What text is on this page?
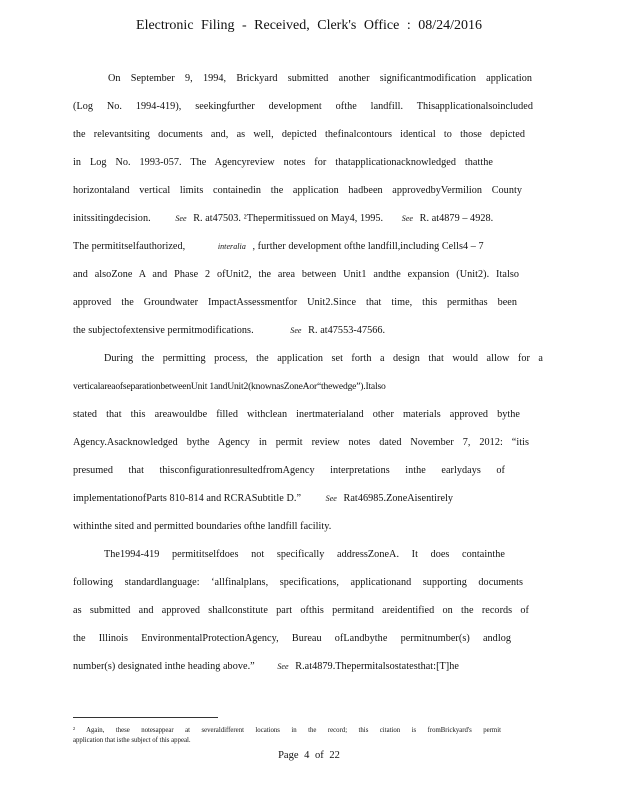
Electronic Filing - Received, Clerk's Office : 08/24/2016
On September 9, 1994, Brickyard submitted another significantmodification application
(Log No. 1994-419), seekingfurther development ofthe landfill. Thisapplicationalsoincluded
the relevantsiting documents and, as well, depicted thefinalcontours identical to those depicted
in Log No. 1993-057. The Agencyreview notes for thatapplicationacknowledged thatthe
horizontaland vertical limits containedin the application hadbeen approvedbyVermilion County
initssitingdecision.	See R. at47503. ²Thepermitissued on May4, 1995. See R. at4879 – 4928.
The permititselfauthorized,	interalia , further development ofthe landfill,including Cells4 – 7
and alsoZone A and Phase 2 ofUnit2, the area between Unit1 andthe expansion (Unit2). Italso
approved the Groundwater ImpactAssessmentfor Unit2.Since that time, this permithas been
the subjectofextensive permitmodifications.	See R. at47553-47566.
During the permitting process, the application set forth a design that would allow for a
verticalareaofseparationbetweenUnit 1andUnit2(knownasZoneAor“thewedge”).Italso
stated that this areawouldbe filled withclean inertmaterialand other materials approved bythe
Agency.Asacknowledged bythe Agency in permit review notes dated November 7, 2012: “itis
presumed that thisconfigurationresultedfromAgency interpretations inthe earlydays of
implementationofParts 810-814 and RCRASubtitle D.”	See Rat46985.ZoneAisentirely
withinthe sited and permitted boundaries ofthe landfill facility.
The1994-419 permititselfdoes not specifically addressZoneA. It does containthe
following standardlanguage: ‘allfinalplans, specifications, applicationand supporting documents
as submitted and approved shallconstitute part ofthis permitand areidentified on the records of
the Illinois EnvironmentalProtectionAgency, Bureau ofLandbythe permitnumber(s) andlog
number(s) designated inthe heading above.”	See R.at4879.Thepermitalsostatesthat:[T]he
² Again, these notesappear at severaldifferent locations in the record; this citation is fromBrickyard's permit
application that isthe subject of this appeal.
Page 4 of 22
